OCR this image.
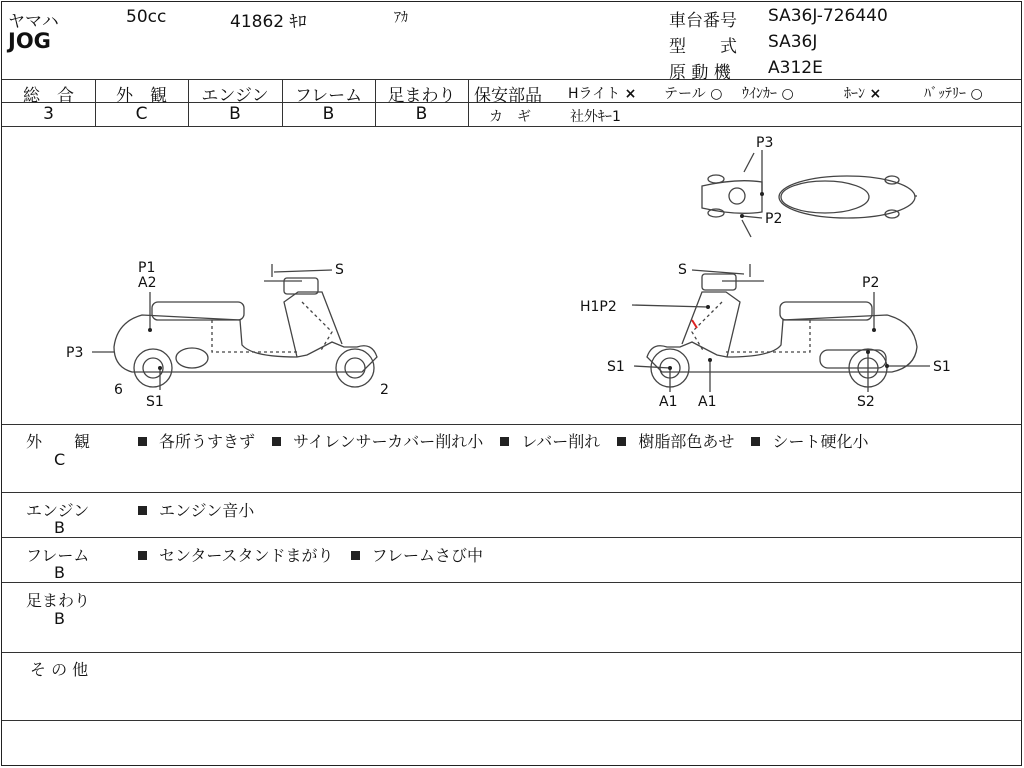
ヤマハ	50cc	41862 ｷﾛ	ｱｶ
JOG
車台番号 SA36J-726440
型　　式 SA36J
原 動 機 A312E
総　合	外　観	エンジン	フレーム	足まわり
3	C	B	B	B
保安部品 Hライト × テール ○ ｳｲﾝｶｰ ○	ﾎｰﾝ ×	ﾊﾞｯﾃﾘｰ ○
カ　ギ	社外ｷｰ1
P3
P2
P1
A2
P3
6
S1
S
2
S
H1P2
P2
S1
A1 A1
S1
S2
外　　観
C
各所うすきず サイレンサーカバー削れ小 レバー削れ 樹脂部色あせ シート硬化小
エンジン
B
エンジン音小
フレーム
B
センタースタンドまがり フレームさび中
足まわり
B
そ の 他
